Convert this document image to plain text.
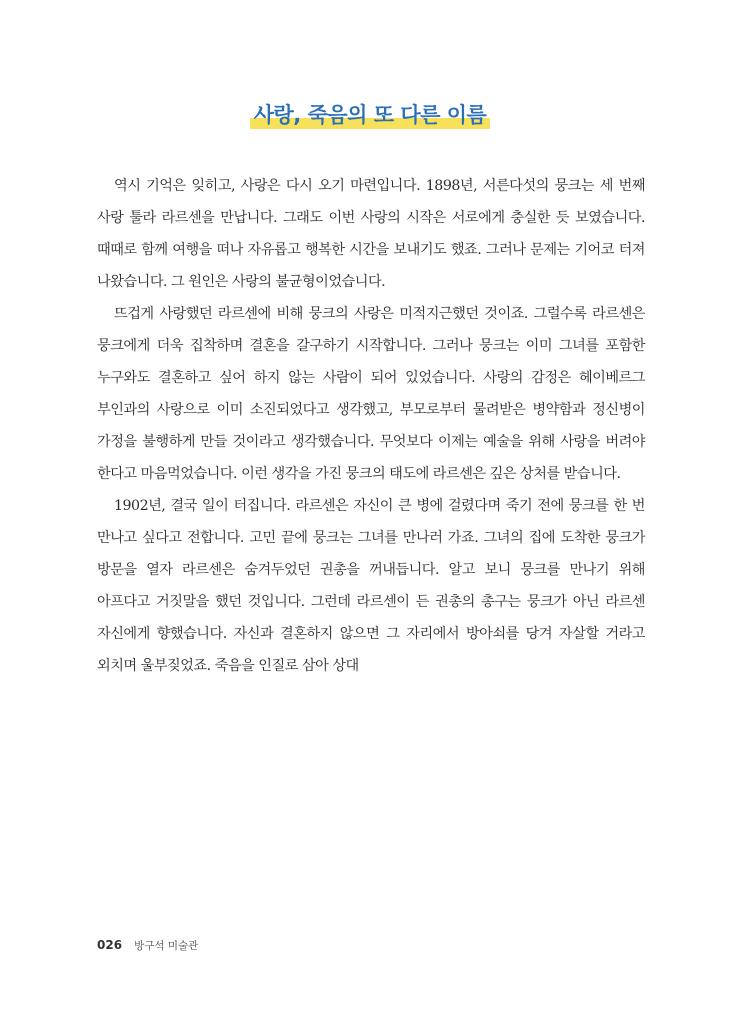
사랑, 죽음의 또 다른 이름

역시 기억은 잊히고, 사랑은 다시 오기 마련입니다. 1898년, 서른다섯의 뭉크는 세 번째 사랑 툴라 라르센을 만납니다. 그래도 이번 사랑의 시작은 서로에게 충실한 듯 보였습니다. 때때로 함께 여행을 떠나 자유롭고 행복한 시간을 보내기도 했죠. 그러나 문제는 기어코 터져 나왔습니다. 그 원인은 사랑의 불균형이었습니다.

뜨겁게 사랑했던 라르센에 비해 뭉크의 사랑은 미적지근했던 것이죠. 그럴수록 라르센은 뭉크에게 더욱 집착하며 결혼을 갈구하기 시작합니다. 그러나 뭉크는 이미 그녀를 포함한 누구와도 결혼하고 싶어 하지 않는 사람이 되어 있었습니다. 사랑의 감정은 헤이베르그 부인과의 사랑으로 이미 소진되었다고 생각했고, 부모로부터 물려받은 병약함과 정신병이 가정을 불행하게 만들 것이라고 생각했습니다. 무엇보다 이제는 예술을 위해 사랑을 버려야 한다고 마음먹었습니다. 이런 생각을 가진 뭉크의 태도에 라르센은 깊은 상처를 받습니다.

1902년, 결국 일이 터집니다. 라르센은 자신이 큰 병에 걸렸다며 죽기 전에 뭉크를 한 번 만나고 싶다고 전합니다. 고민 끝에 뭉크는 그녀를 만나러 가죠. 그녀의 집에 도착한 뭉크가 방문을 열자 라르센은 숨겨두었던 권총을 꺼내듭니다. 알고 보니 뭉크를 만나기 위해 아프다고 거짓말을 했던 것입니다. 그런데 라르센이 든 권총의 총구는 뭉크가 아닌 라르센 자신에게 향했습니다. 자신과 결혼하지 않으면 그 자리에서 방아쇠를 당겨 자살할 거라고 외치며 울부짖었죠. 죽음을 인질로 삼아 상대

026 방구석 미술관
